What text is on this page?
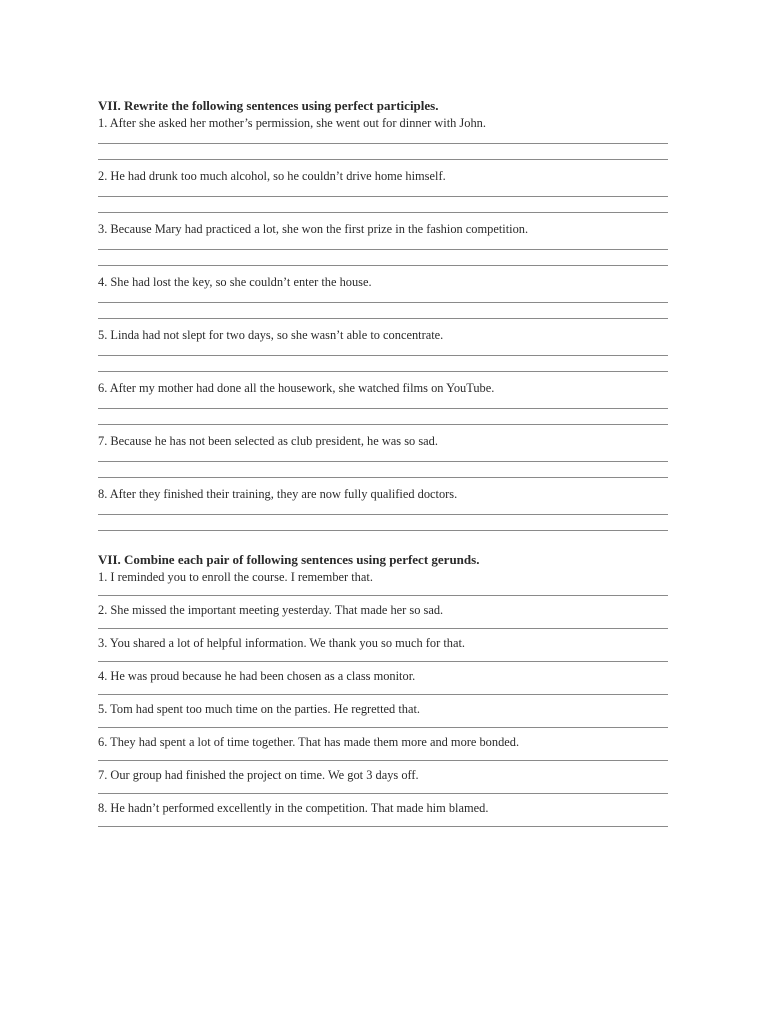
VII. Rewrite the following sentences using perfect participles.

1. After she asked her mother’s permission, she went out for dinner with John.
2. He had drunk too much alcohol, so he couldn’t drive home himself.
3. Because Mary had practiced a lot, she won the first prize in the fashion competition.
4. She had lost the key, so she couldn’t enter the house.
5. Linda had not slept for two days, so she wasn’t able to concentrate.
6. After my mother had done all the housework, she watched films on YouTube.
7. Because he has not been selected as club president, he was so sad.
8. After they finished their training, they are now fully qualified doctors.

VII. Combine each pair of following sentences using perfect gerunds.

1. I reminded you to enroll the course. I remember that.
2. She missed the important meeting yesterday. That made her so sad.
3. You shared a lot of helpful information. We thank you so much for that.
4. He was proud because he had been chosen as a class monitor.
5. Tom had spent too much time on the parties. He regretted that.
6. They had spent a lot of time together. That has made them more and more bonded.
7. Our group had finished the project on time. We got 3 days off.
8. He hadn’t performed excellently in the competition. That made him blamed.
